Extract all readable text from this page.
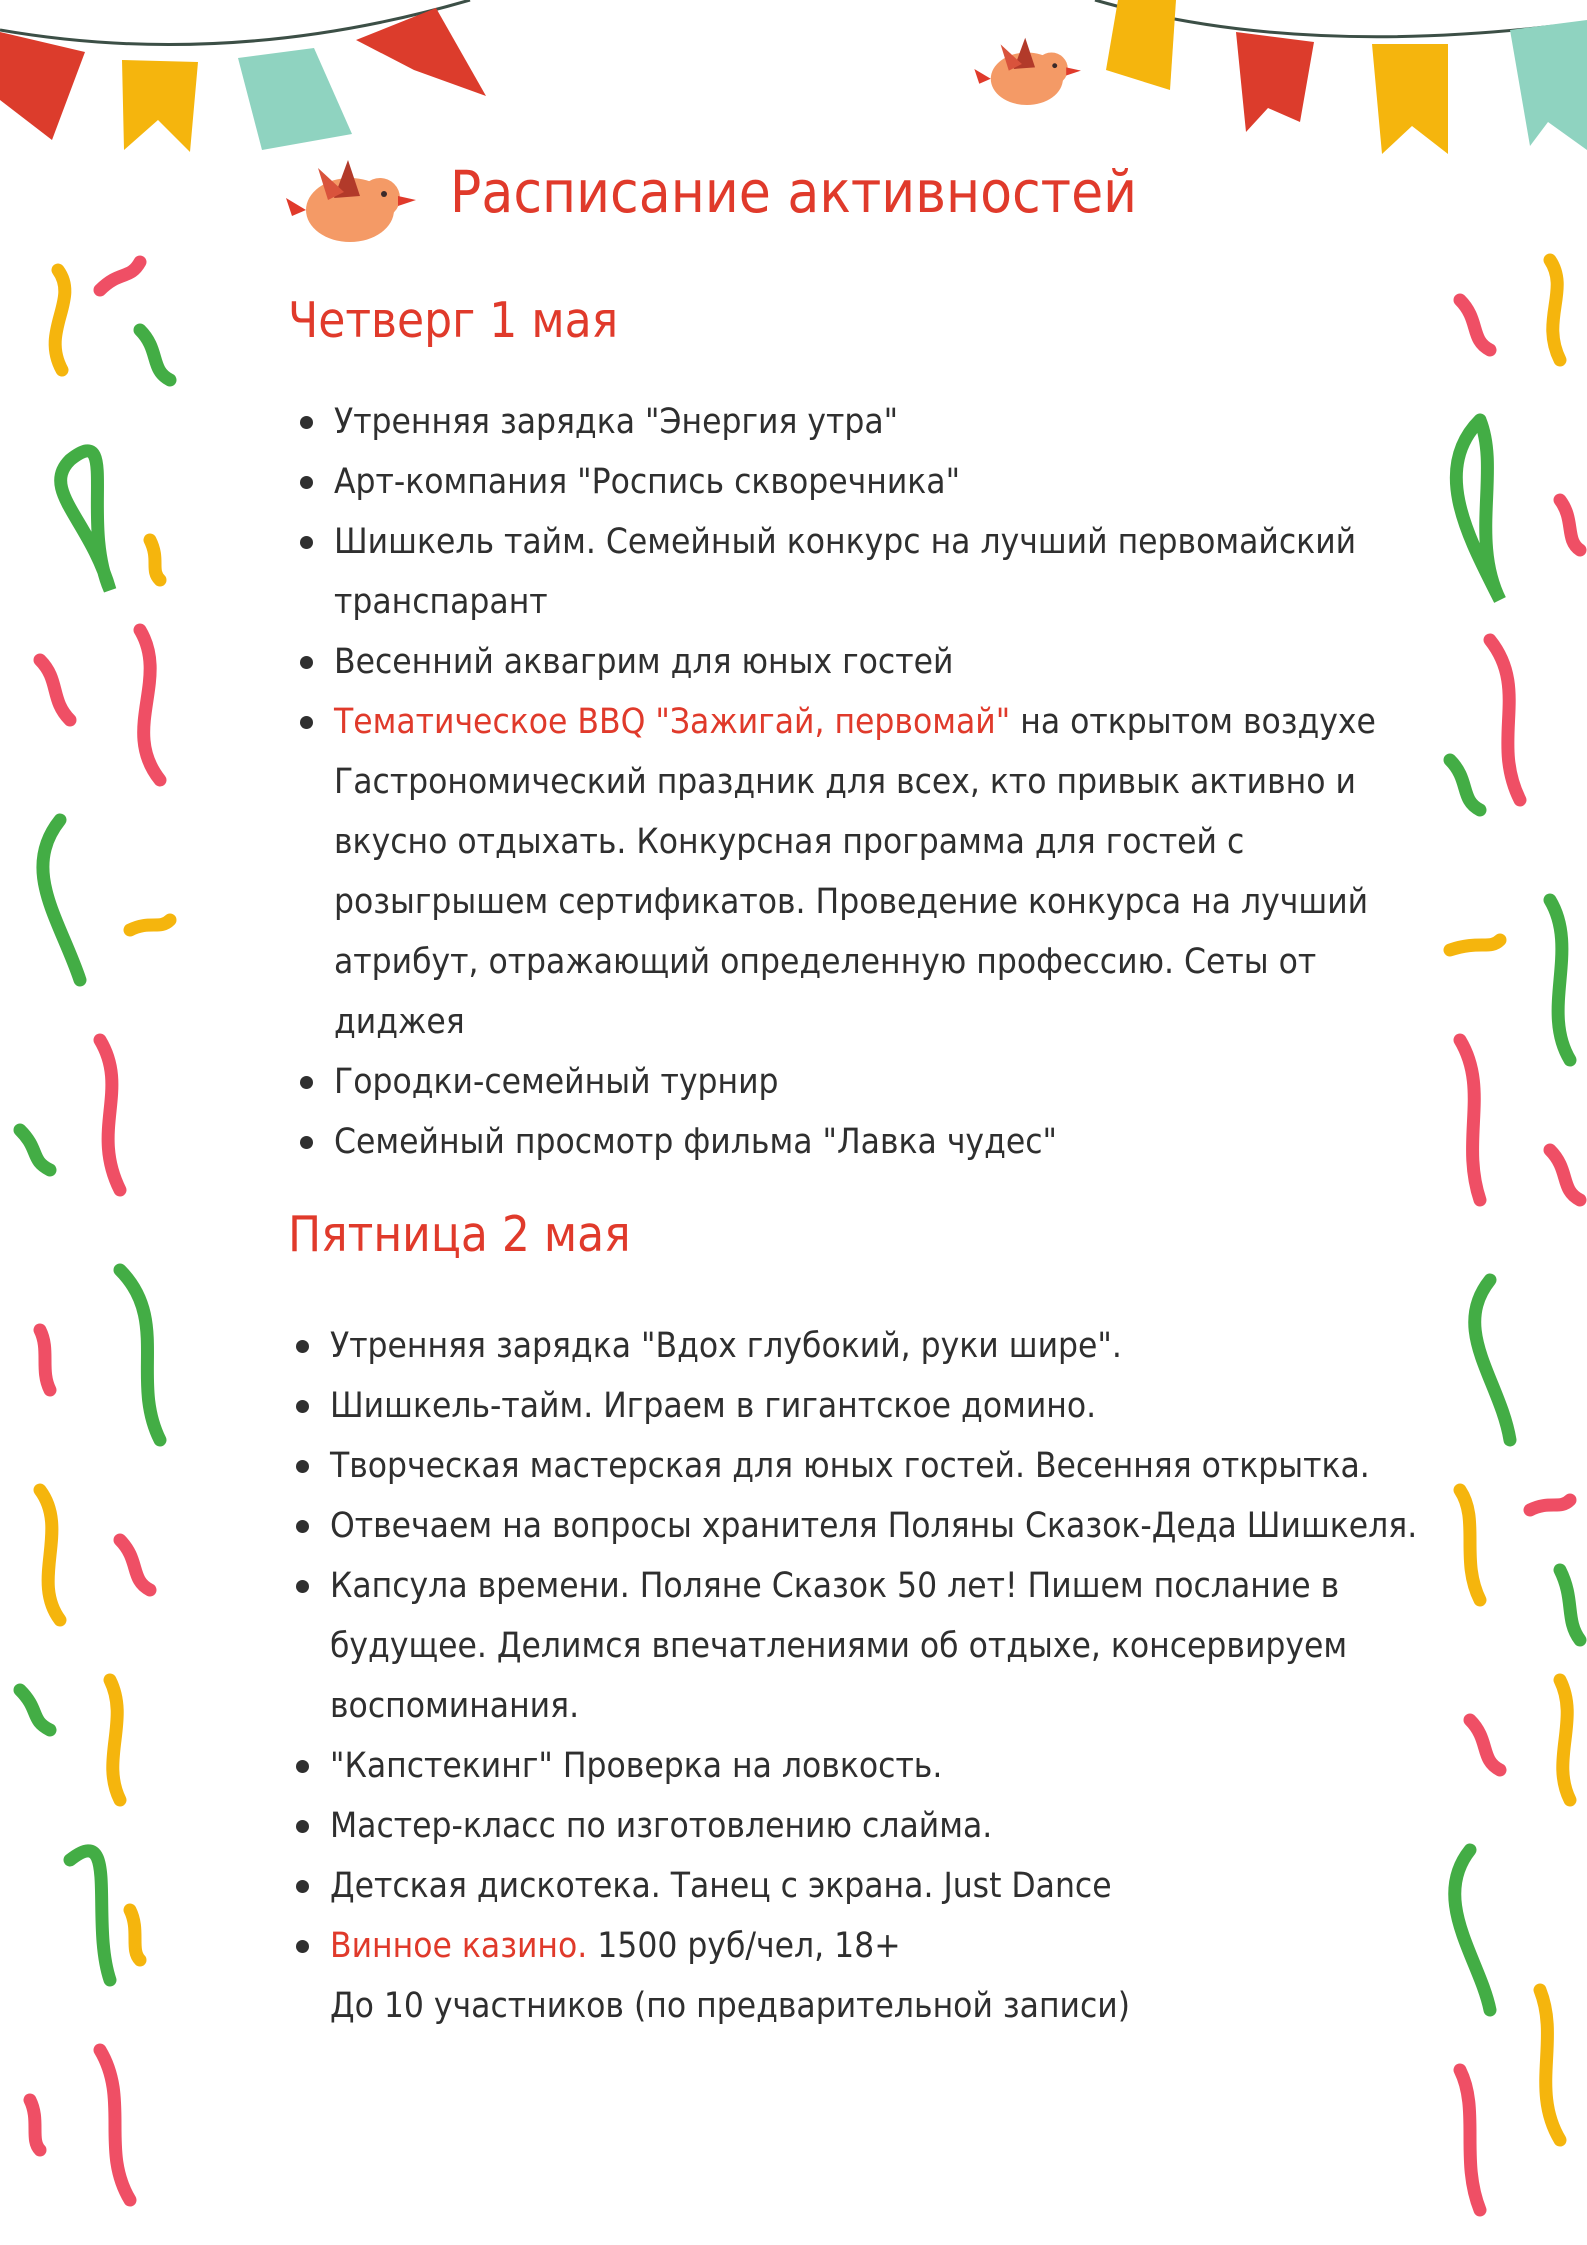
Расписание активностей
Четверг 1 мая
Утренняя зарядка "Энергия утра"
Арт-компания "Роспись скворечника"
Шишкель тайм. Семейный конкурс на лучший первомайский транспарант
Весенний аквагрим для юных гостей
Тематическое BBQ "Зажигай, первомай" на открытом воздухе
Гастрономический праздник для всех, кто привык активно и вкусно отдыхать. Конкурсная программа для гостей с розыгрышем сертификатов. Проведение конкурса на лучший атрибут, отражающий определенную профессию. Сеты от диджея
Городки-семейный турнир
Семейный просмотр фильма "Лавка чудес"
Пятница 2 мая
Утренняя зарядка "Вдох глубокий, руки шире".
Шишкель-тайм. Играем в гигантское домино.
Творческая мастерская для юных гостей. Весенняя открытка.
Отвечаем на вопросы хранителя Поляны Сказок-Деда Шишкеля.
Капсула времени. Поляне Сказок 50 лет! Пишем послание в будущее. Делимся впечатлениями об отдыхе, консервируем воспоминания.
"Капстекинг" Проверка на ловкость.
Мастер-класс по изготовлению слайма.
Детская дискотека. Танец с экрана. Just Dance
Винное казино. 1500 руб/чел, 18+
До 10 участников (по предварительной записи)
